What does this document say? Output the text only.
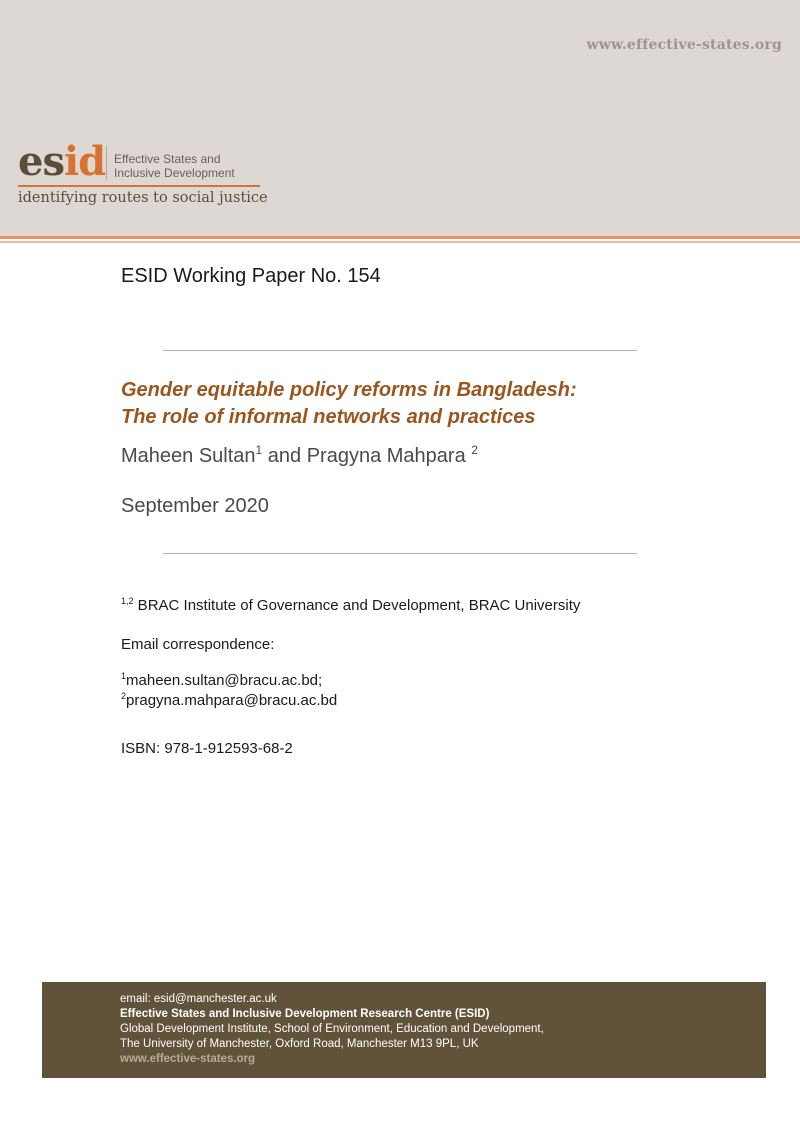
www.effective-states.org
esid Effective States and
Inclusive Development
identifying routes to social justice
ESID Working Paper No. 154
Gender equitable policy reforms in Bangladesh:
The role of informal networks and practices
Maheen Sultan$^1$ and Pragyna Mahpara $^2$
September 2020
$^{1,2}$ BRAC Institute of Governance and Development, BRAC University
Email correspondence:
$^1$maheen.sultan@bracu.ac.bd;
$^2$pragyna.mahpara@bracu.ac.bd
ISBN: 978-1-912593-68-2
email: esid@manchester.ac.uk
Effective States and Inclusive Development Research Centre (ESID)
Global Development Institute, School of Environment, Education and Development,
The University of Manchester, Oxford Road, Manchester M13 9PL, UK
www.effective-states.org
